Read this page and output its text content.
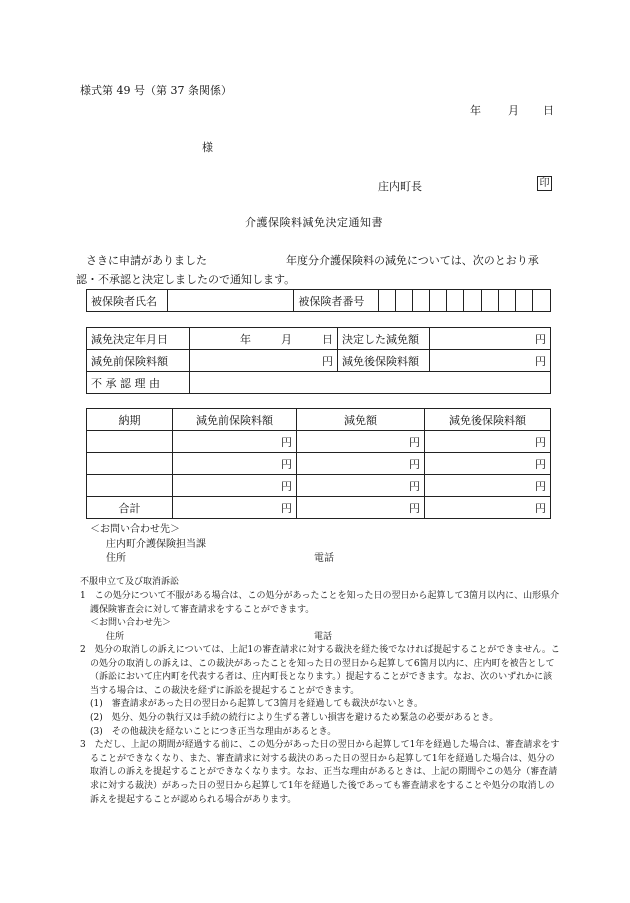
様式第 49 号（第 37 条関係）
年 月 日
様
庄内町長	印
介護保険料減免決定通知書
さきに申請がありました	年度分介護保険料の減免については、次のとおり承
認・不承認と決定しましたので通知します。
被保険者氏名		被保険者番号										
減免決定年月日	年 月 日	決定した減免額	円
減免前保険料額	円	減免後保険料額	円
不 承 認 理 由			
納期	減免前保険料額	減免額	減免後保険料額
	円	円	円
	円	円	円
	円	円	円
合計	円	円	円
＜お問い合わせ先＞
庄内町介護保険担当課
住所	電話
不服申立て及び取消訴訟
1　この処分について不服がある場合は、この処分があったことを知った日の翌日から起算して3箇月以内に、山形県介護保険審査会に対して審査請求をすることができます。
＜お問い合わせ先＞
住所	電話
2　処分の取消しの訴えについては、上記1の審査請求に対する裁決を経た後でなければ提起することができません。この処分の取消しの訴えは、この裁決があったことを知った日の翌日から起算して6箇月以内に、庄内町を被告として（訴訟において庄内町を代表する者は、庄内町長となります。）提起することができます。なお、次のいずれかに該当する場合は、この裁決を経ずに訴訟を提起することができます。
(1)　審査請求があった日の翌日から起算して3箇月を経過しても裁決がないとき。
(2)　処分、処分の執行又は手続の続行により生ずる著しい損害を避けるため緊急の必要があるとき。
(3)　その他裁決を経ないことにつき正当な理由があるとき。
3　ただし、上記の期間が経過する前に、この処分があった日の翌日から起算して1年を経過した場合は、審査請求をすることができなくなり、また、審査請求に対する裁決のあった日の翌日から起算して1年を経過した場合は、処分の取消しの訴えを提起することができなくなります。なお、正当な理由があるときは、上記の期間やこの処分（審査請求に対する裁決）があった日の翌日から起算して1年を経過した後であっても審査請求をすることや処分の取消しの訴えを提起することが認められる場合があります。
